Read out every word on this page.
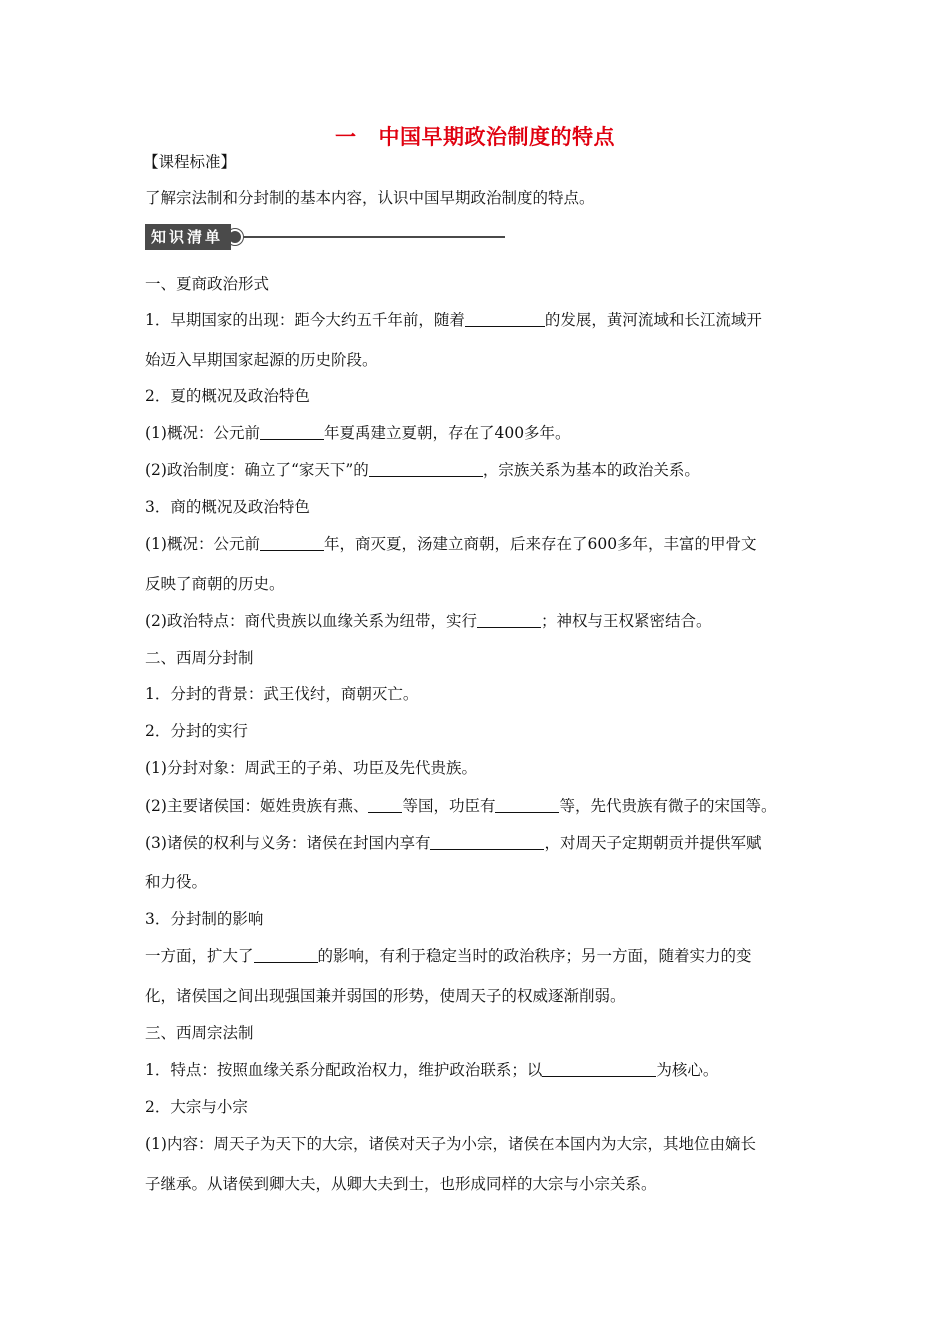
一 中国早期政治制度的特点
【课程标准】
了解宗法制和分封制的基本内容，认识中国早期政治制度的特点。
知识清单
一、夏商政治形式
1．早期国家的出现：距今大约五千年前，随着	的发展，黄河流域和长江流域开
始迈入早期国家起源的历史阶段。
2．夏的概况及政治特色
(1)概况：公元前	年夏禹建立夏朝，存在了400多年。
(2)政治制度：确立了“家天下”的	，宗族关系为基本的政治关系。
3．商的概况及政治特色
(1)概况：公元前	年，商灭夏，汤建立商朝，后来存在了600多年，丰富的甲骨文
反映了商朝的历史。
(2)政治特点：商代贵族以血缘关系为纽带，实行	；神权与王权紧密结合。
二、西周分封制
1．分封的背景：武王伐纣，商朝灭亡。
2．分封的实行
(1)分封对象：周武王的子弟、功臣及先代贵族。
(2)主要诸侯国：姬姓贵族有燕、 等国，功臣有	等，先代贵族有微子的宋国等。
(3)诸侯的权利与义务：诸侯在封国内享有	，对周天子定期朝贡并提供军赋
和力役。
3．分封制的影响
一方面，扩大了	的影响，有利于稳定当时的政治秩序；另一方面，随着实力的变
化，诸侯国之间出现强国兼并弱国的形势，使周天子的权威逐渐削弱。
三、西周宗法制
1．特点：按照血缘关系分配政治权力，维护政治联系；以	为核心。
2．大宗与小宗
(1)内容：周天子为天下的大宗，诸侯对天子为小宗，诸侯在本国内为大宗，其地位由嫡长
子继承。从诸侯到卿大夫，从卿大夫到士，也形成同样的大宗与小宗关系。
